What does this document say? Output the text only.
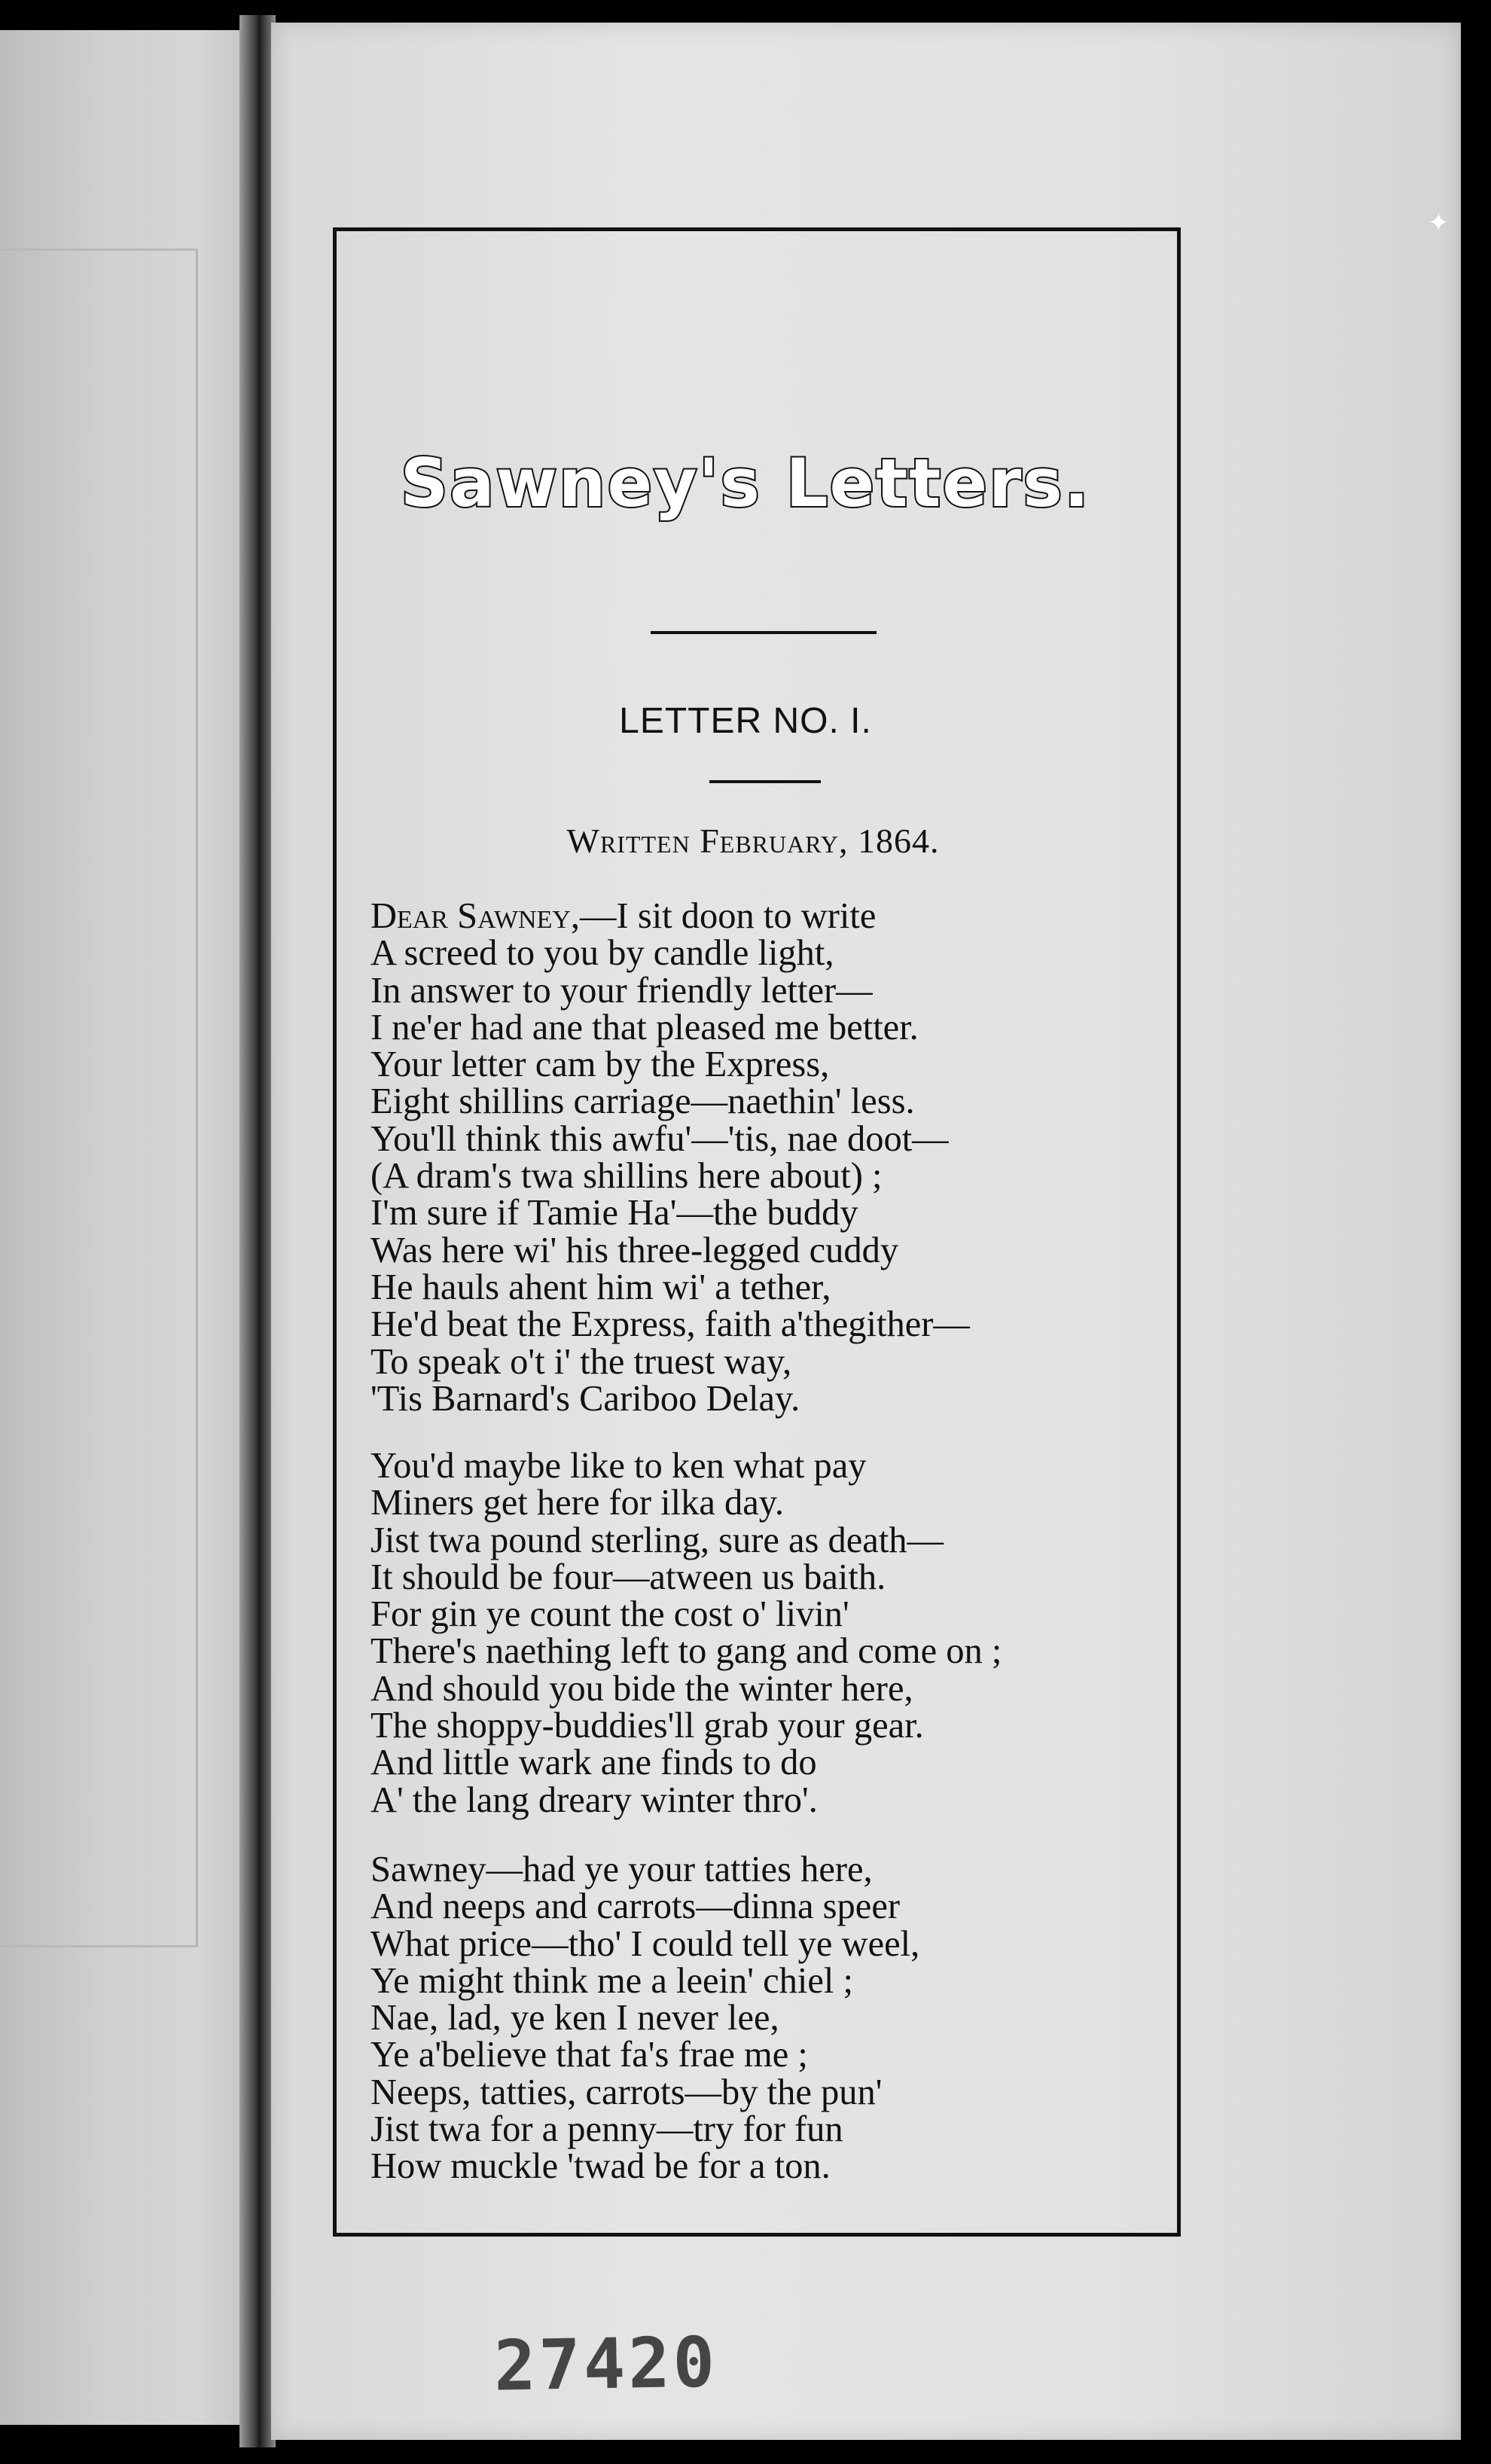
Sawney's Letters.
LETTER NO. I.
Written February, 1864.
Dear Sawney,—I sit doon to write
A screed to you by candle light,
In answer to your friendly letter—
I ne'er had ane that pleased me better.
Your letter cam by the Express,
Eight shillins carriage—naethin' less.
You'll think this awfu'—'tis, nae doot—
(A dram's twa shillins here about) ;
I'm sure if Tamie Ha'—the buddy
Was here wi' his three-legged cuddy
He hauls ahent him wi' a tether,
He'd beat the Express, faith a'thegither—
To speak o't i' the truest way,
'Tis Barnard's Cariboo Delay.
You'd maybe like to ken what pay
Miners get here for ilka day.
Jist twa pound sterling, sure as death—
It should be four—atween us baith.
For gin ye count the cost o' livin'
There's naething left to gang and come on ;
And should you bide the winter here,
The shoppy-buddies'll grab your gear.
And little wark ane finds to do
A' the lang dreary winter thro'.
Sawney—had ye your tatties here,
And neeps and carrots—dinna speer
What price—tho' I could tell ye weel,
Ye might think me a leein' chiel ;
Nae, lad, ye ken I never lee,
Ye a'believe that fa's frae me ;
Neeps, tatties, carrots—by the pun'
Jist twa for a penny—try for fun
How muckle 'twad be for a ton.
27420
✦
